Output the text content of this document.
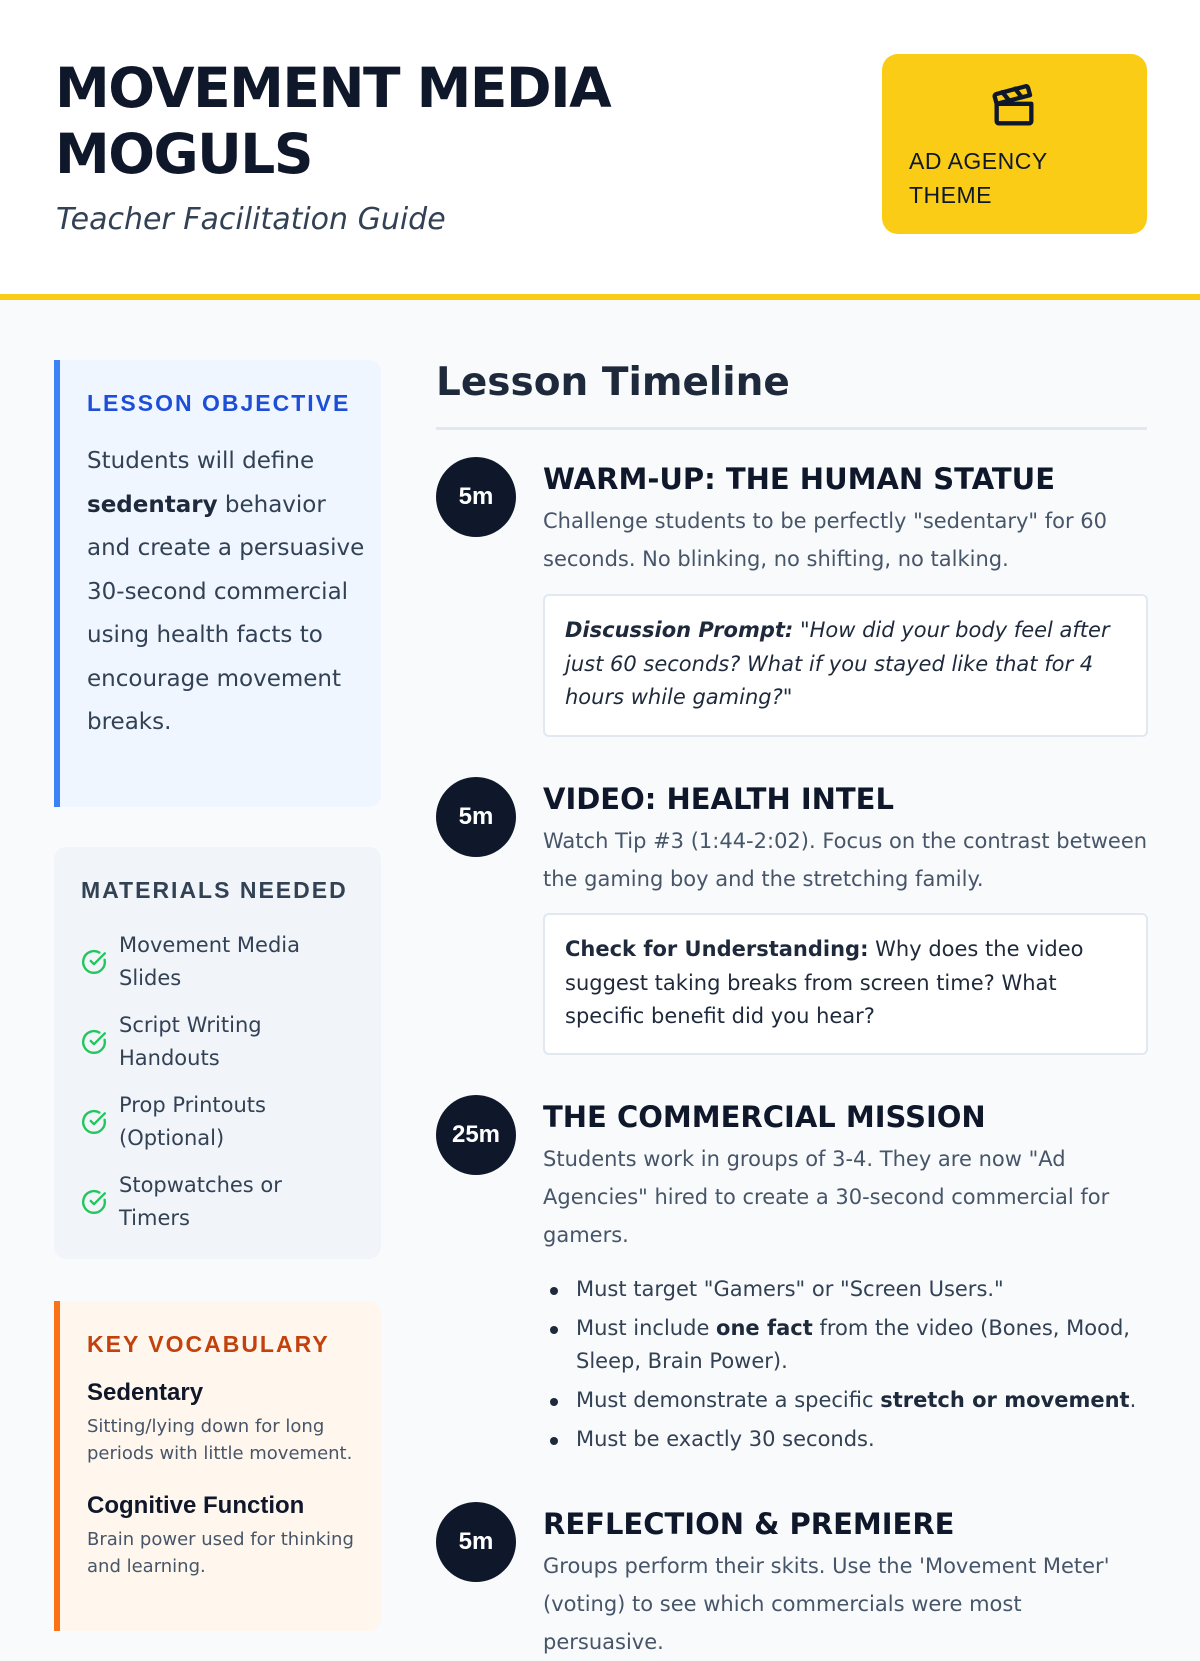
MOVEMENT MEDIA MOGULS
Teacher Facilitation Guide
AD AGENCY THEME
LESSON OBJECTIVE
Students will define sedentary behavior and create a persuasive 30-second commercial using health facts to encourage movement breaks.
MATERIALS NEEDED
Movement Media Slides
Script Writing Handouts
Prop Printouts (Optional)
Stopwatches or Timers
KEY VOCABULARY
Sedentary
Sitting/lying down for long periods with little movement.
Cognitive Function
Brain power used for thinking and learning.
Lesson Timeline
5m
WARM-UP: THE HUMAN STATUE
Challenge students to be perfectly "sedentary" for 60 seconds. No blinking, no shifting, no talking.
Discussion Prompt: "How did your body feel after just 60 seconds? What if you stayed like that for 4 hours while gaming?"
5m
VIDEO: HEALTH INTEL
Watch Tip #3 (1:44-2:02). Focus on the contrast between the gaming boy and the stretching family.
Check for Understanding: Why does the video suggest taking breaks from screen time? What specific benefit did you hear?
25m
THE COMMERCIAL MISSION
Students work in groups of 3-4. They are now "Ad Agencies" hired to create a 30-second commercial for gamers.
Must target "Gamers" or "Screen Users."
Must include one fact from the video (Bones, Mood, Sleep, Brain Power).
Must demonstrate a specific stretch or movement.
Must be exactly 30 seconds.
5m
REFLECTION & PREMIERE
Groups perform their skits. Use the 'Movement Meter' (voting) to see which commercials were most persuasive.
